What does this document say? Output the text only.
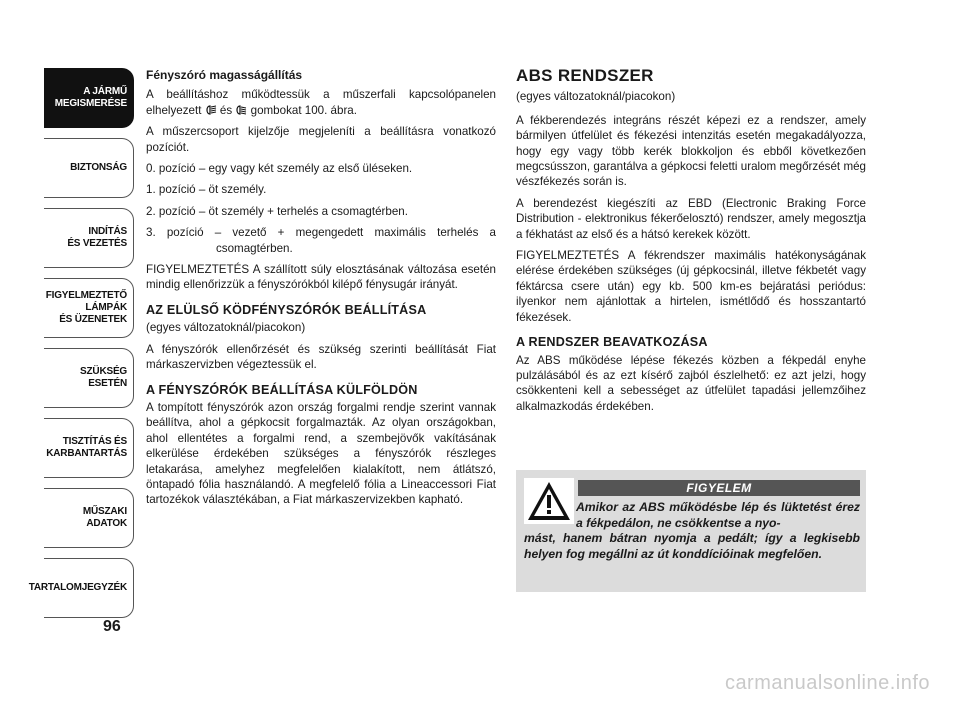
A JÁRMŰ
MEGISMERÉSE
BIZTONSÁG
INDÍTÁS
ÉS VEZETÉS
FIGYELMEZTETŐ
LÁMPÁK
ÉS ÜZENETEK
SZÜKSÉG
ESETÉN
TISZTÍTÁS ÉS
KARBANTARTÁS
MŰSZAKI
ADATOK
TARTALOMJEGYZÉK
96

Fényszóró magasságállítás

A beállításhoz működtessük a műszerfali kapcsolópanelen elhelyezett és gombokat 100. ábra.

A műszercsoport kijelzője megjeleníti a beállításra vonatkozó pozíciót.

0. pozíció – egy vagy két személy az első üléseken.

1. pozíció – öt személy.

2. pozíció – öt személy + terhelés a csomagtérben.

3. pozíció – vezető + megengedett maximális terhelés a csomagtérben.

FIGYELMEZTETÉS A szállított súly elosztásának változása esetén mindig ellenőrizzük a fényszórókból kilépő fénysugár irányát.

AZ ELÜLSŐ KÖDFÉNYSZÓRÓK BEÁLLÍTÁSA

(egyes változatoknál/piacokon)

A fényszórók ellenőrzését és szükség szerinti beállítását Fiat márkaszervizben végeztessük el.

A FÉNYSZÓRÓK BEÁLLÍTÁSA KÜLFÖLDÖN

A tompított fényszórók azon ország forgalmi rendje szerint vannak beállítva, ahol a gépkocsit forgalmazták. Az olyan országokban, ahol ellentétes a forgalmi rend, a szembejövők vakításának elkerülése érdekében szükséges a fényszórók részleges letakarása, amelyhez megfelelően kialakított, nem átlátszó, öntapadó fólia használandó. A megfelelő fólia a Lineaccessori Fiat tartozékok választékában, a Fiat márkaszervizekben kapható.

ABS RENDSZER

(egyes változatoknál/piacokon)

A fékberendezés integráns részét képezi ez a rendszer, amely bármilyen útfelület és fékezési intenzitás esetén megakadályozza, hogy egy vagy több kerék blokkoljon és ebből következően megcsússzon, garantálva a gépkocsi feletti uralom megőrzését még vészfékezés során is.

A berendezést kiegészíti az EBD (Electronic Braking Force Distribution - elektronikus fékerőelosztó) rendszer, amely megosztja a fékhatást az első és a hátsó kerekek között.

FIGYELMEZTETÉS A fékrendszer maximális hatékonyságának elérése érdekében szükséges (új gépkocsinál, illetve fékbetét vagy féktárcsa csere után) egy kb. 500 km-es bejáratási periódus: ilyenkor nem ajánlottak a hirtelen, ismétlődő és hosszantartó fékezések.

A RENDSZER BEAVATKOZÁSA

Az ABS működése lépése fékezés közben a fékpedál enyhe pulzálásából és az ezt kísérő zajból észlelhető: ez azt jelzi, hogy csökkenteni kell a sebességet az útfelület tapadási jellemzőihez alkalmazkodás érdekében.

FIGYELEM
Amikor az ABS működésbe lép és lüktetést érez a fékpedálon, ne csökkentse a nyo-
mást, hanem bátran nyomja a pedált; így a legkisebb helyen fog megállni az út konddícióinak megfelően.
carmanualsonline.info
